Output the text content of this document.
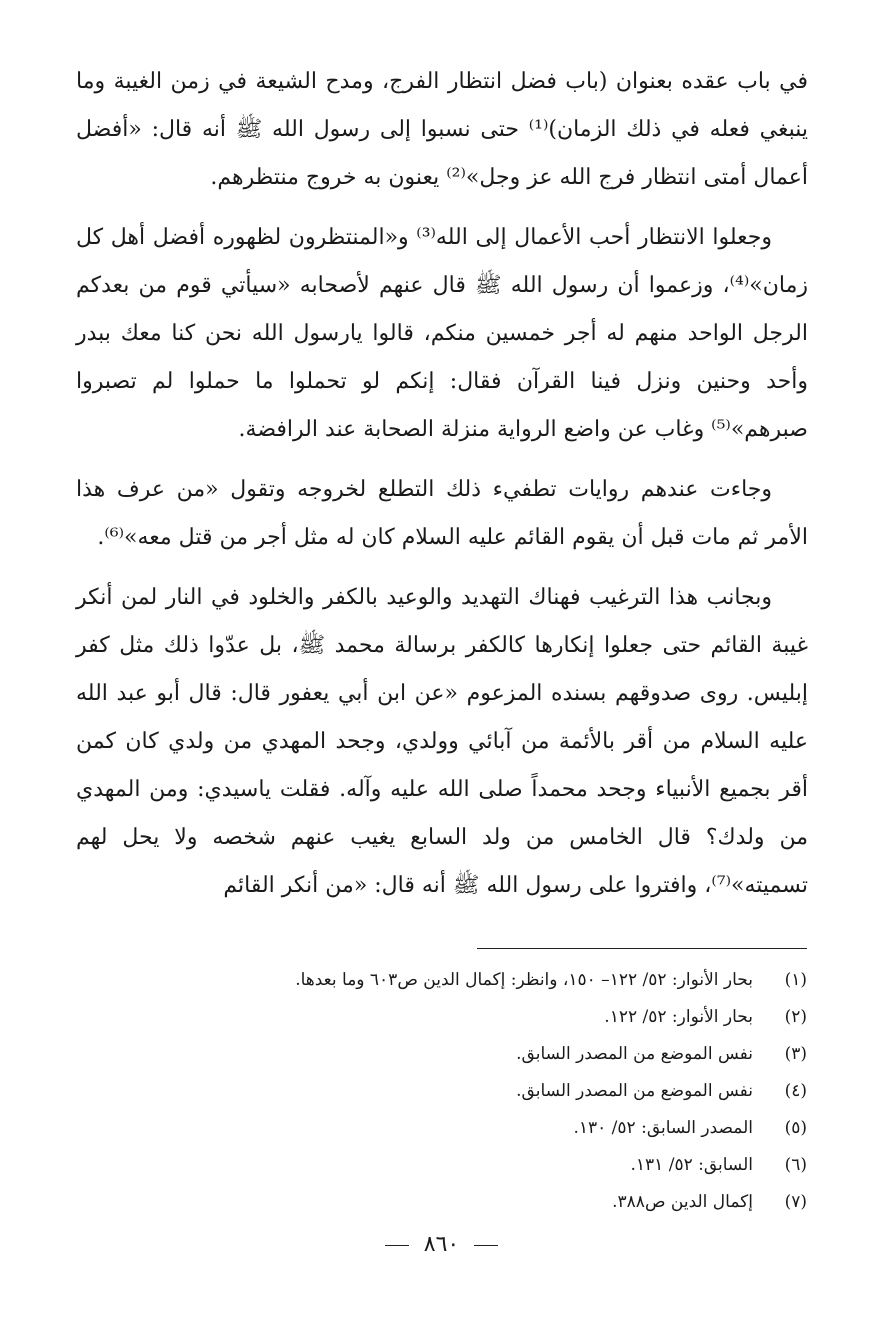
في باب عقده بعنوان (باب فضل انتظار الفرج، ومدح الشيعة في زمن الغيبة وما ينبغي فعله في ذلك الزمان)⁽¹⁾ حتى نسبوا إلى رسول الله ﷺ أنه قال: «أفضل أعمال أمتى انتظار فرج الله عز وجل»⁽²⁾ يعنون به خروج منتظرهم.

وجعلوا الانتظار أحب الأعمال إلى الله⁽³⁾ و«المنتظرون لظهوره أفضل أهل كل زمان»⁽⁴⁾، وزعموا أن رسول الله ﷺ قال عنهم لأصحابه «سيأتي قوم من بعدكم الرجل الواحد منهم له أجر خمسين منكم، قالوا يارسول الله نحن كنا معك ببدر وأحد وحنين ونزل فينا القرآن فقال: إنكم لو تحملوا ما حملوا لم تصبروا صبرهم»⁽⁵⁾ وغاب عن واضع الرواية منزلة الصحابة عند الرافضة.

وجاءت عندهم روايات تطفيء ذلك التطلع لخروجه وتقول «من عرف هذا الأمر ثم مات قبل أن يقوم القائم عليه السلام كان له مثل أجر من قتل معه»⁽⁶⁾.

وبجانب هذا الترغيب فهناك التهديد والوعيد بالكفر والخلود في النار لمن أنكر غيبة القائم حتى جعلوا إنكارها كالكفر برسالة محمد ﷺ، بل عدّوا ذلك مثل كفر إبليس. روى صدوقهم بسنده المزعوم «عن ابن أبي يعفور قال: قال أبو عبد الله عليه السلام من أقر بالأئمة من آبائي وولدي، وجحد المهدي من ولدي كان كمن أقر بجميع الأنبياء وجحد محمداً صلى الله عليه وآله. فقلت ياسيدي: ومن المهدي من ولدك؟ قال الخامس من ولد السابع يغيب عنهم شخصه ولا يحل لهم تسميته»⁽⁷⁾، وافتروا على رسول الله ﷺ أنه قال: «من أنكر القائم

(١)
بحار الأنوار: ٥٢/ ١٢٢– ١٥٠، وانظر: إكمال الدين ص٦٠٣ وما بعدها.
(٢)
بحار الأنوار: ٥٢/ ١٢٢.
(٣)
نفس الموضع من المصدر السابق.
(٤)
نفس الموضع من المصدر السابق.
(٥)
المصدر السابق: ٥٢/ ١٣٠.
(٦)
السابق: ٥٢/ ١٣١.
(٧)
إكمال الدين ص٣٨٨.
٨٦٠
